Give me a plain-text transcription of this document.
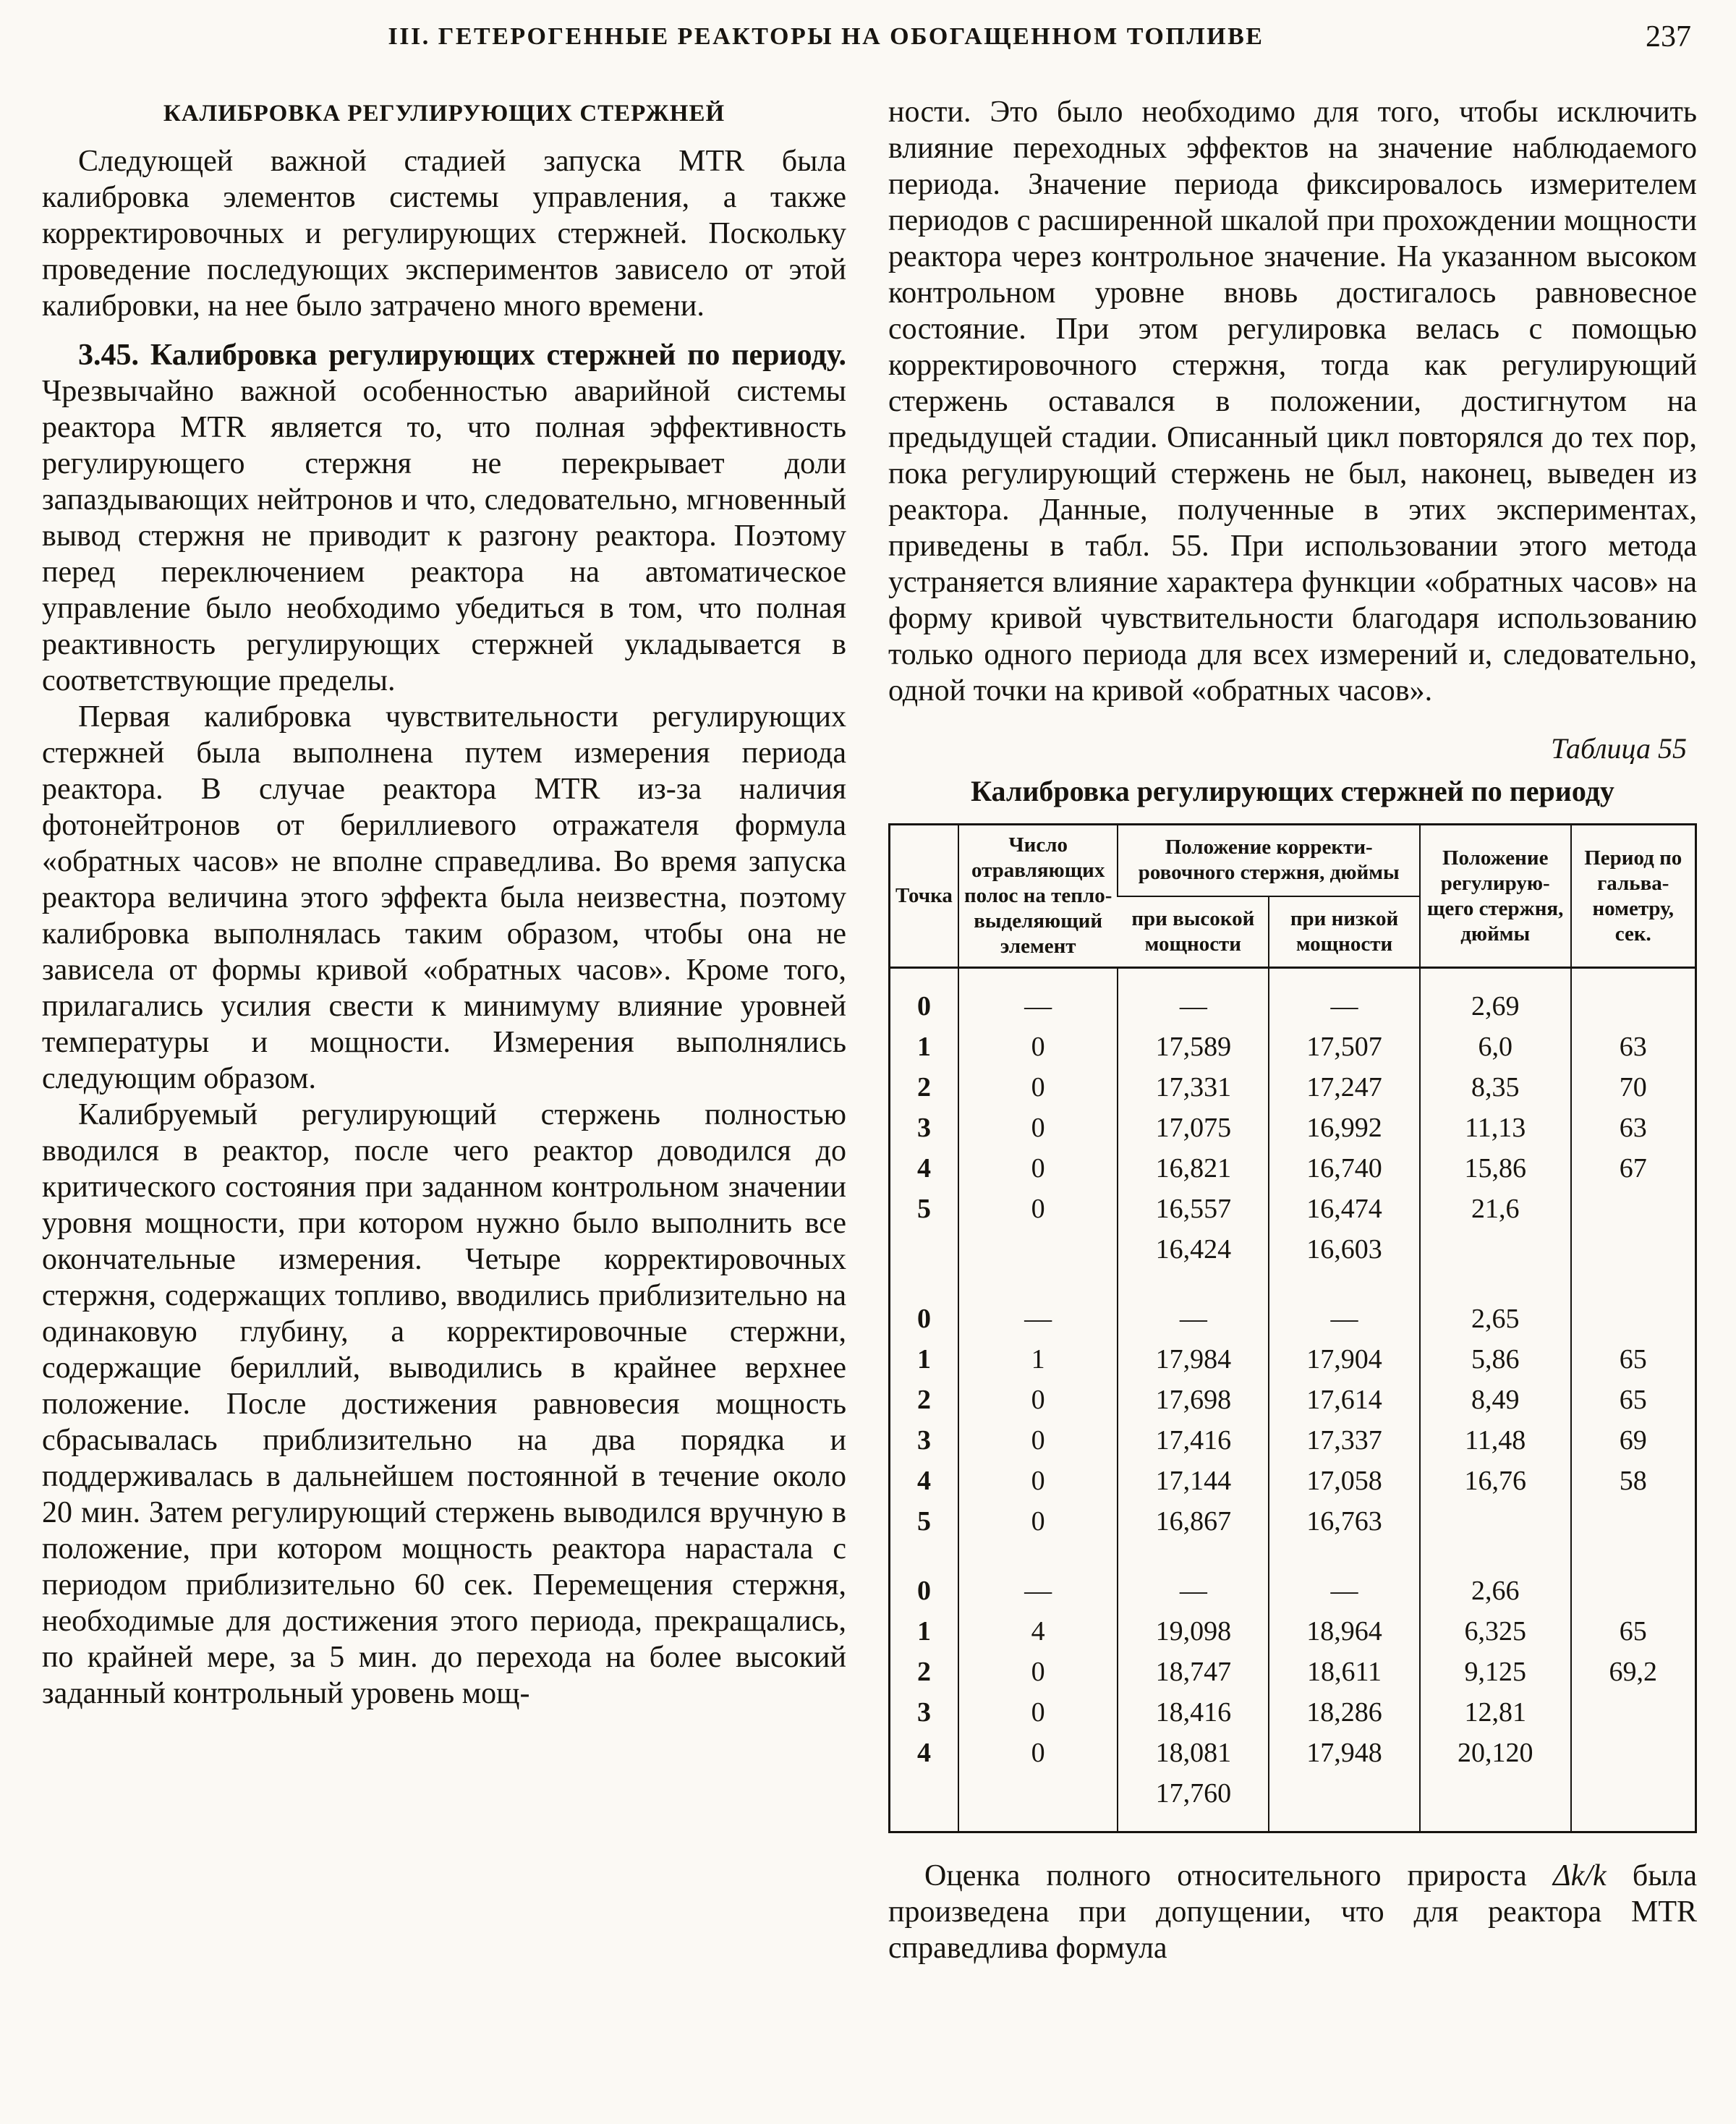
III. ГЕТЕРОГЕННЫЕ РЕАКТОРЫ НА ОБОГАЩЕННОМ ТОПЛИВЕ	237
КАЛИБРОВКА РЕГУЛИРУЮЩИХ СТЕРЖНЕЙ

Следующей важной стадией запуска MTR была калибровка элементов системы управления, а также корректировочных и регулирующих стержней. Поскольку проведение последующих экспериментов зависело от этой калибровки, на нее было затрачено много времени.

3.45. Калибровка регулирующих стержней по периоду. Чрезвычайно важной особенностью аварийной системы реактора MTR является то, что полная эффективность регулирующего стержня не перекрывает доли запаздывающих нейтронов и что, следовательно, мгновенный вывод стержня не приводит к разгону реактора. Поэтому перед переключением реактора на автоматическое управление было необходимо убедиться в том, что полная реактивность регулирующих стержней укладывается в соответствующие пределы.

Первая калибровка чувствительности регулирующих стержней была выполнена путем измерения периода реактора. В случае реактора MTR из-за наличия фотонейтронов от бериллиевого отражателя формула «обратных часов» не вполне справедлива. Во время запуска реактора величина этого эффекта была неизвестна, поэтому калибровка выполнялась таким образом, чтобы она не зависела от формы кривой «обратных часов». Кроме того, прилагались усилия свести к минимуму влияние уровней температуры и мощности. Измерения выполнялись следующим образом.

Калибруемый регулирующий стержень полностью вводился в реактор, после чего реактор доводился до критического состояния при заданном контрольном значении уровня мощности, при котором нужно было выполнить все окончательные измерения. Четыре корректировочных стержня, содержащих топливо, вводились приблизительно на одинаковую глубину, а корректировочные стержни, содержащие бериллий, выводились в крайнее верхнее положение. После достижения равновесия мощность сбрасывалась приблизительно на два порядка и поддерживалась в дальнейшем постоянной в течение около 20 мин. Затем регулирующий стержень выводился вручную в положение, при котором мощность реактора нарастала с периодом приблизительно 60 сек. Перемещения стержня, необходимые для достижения этого периода, прекращались, по крайней мере, за 5 мин. до перехода на более высокий заданный контрольный уровень мощ-

ности. Это было необходимо для того, чтобы исключить влияние переходных эффектов на значение наблюдаемого периода. Значение периода фиксировалось измерителем периодов с расширенной шкалой при прохождении мощности реактора через контрольное значение. На указанном высоком контрольном уровне вновь достигалось равновесное состояние. При этом регулировка велась с помощью корректировочного стержня, тогда как регулирующий стержень оставался в положении, достигнутом на предыдущей стадии. Описанный цикл повторялся до тех пор, пока регулирующий стержень не был, наконец, выведен из реактора. Данные, полученные в этих экспериментах, приведены в табл. 55. При использовании этого метода устраняется влияние характера функции «обратных часов» на форму кривой чувствительности благодаря использованию только одного периода для всех измерений и, следовательно, одной точки на кривой «обратных часов».

Таблица 55
Калибровка регулирующих стержней по периоду
Точка	Число отравляющих полос на тепловыделяющий элемент	Положение корректировочного стержня, дюймы		Положение регулирующего стержня, дюймы	Период по гальванометру, сек.
		при высокой мощности	при низкой мощности		
0	—	—	—	2,69	
1	0	17,589	17,507	6,0	63
2	0	17,331	17,247	8,35	70
3	0	17,075	16,992	11,13	63
4	0	16,821	16,740	15,86	67
5	0	16,557	16,474	21,6	
		16,424	16,603		

0	—	—	—	2,65	
1	1	17,984	17,904	5,86	65
2	0	17,698	17,614	8,49	65
3	0	17,416	17,337	11,48	69
4	0	17,144	17,058	16,76	58
5	0	16,867	16,763		

0	—	—	—	2,66	
1	4	19,098	18,964	6,325	65
2	0	18,747	18,611	9,125	69,2
3	0	18,416	18,286	12,81	
4	0	18,081	17,948	20,120	
		17,760			

Оценка полного относительного прироста Δk/k была произведена при допущении, что для реактора MTR справедлива формула
